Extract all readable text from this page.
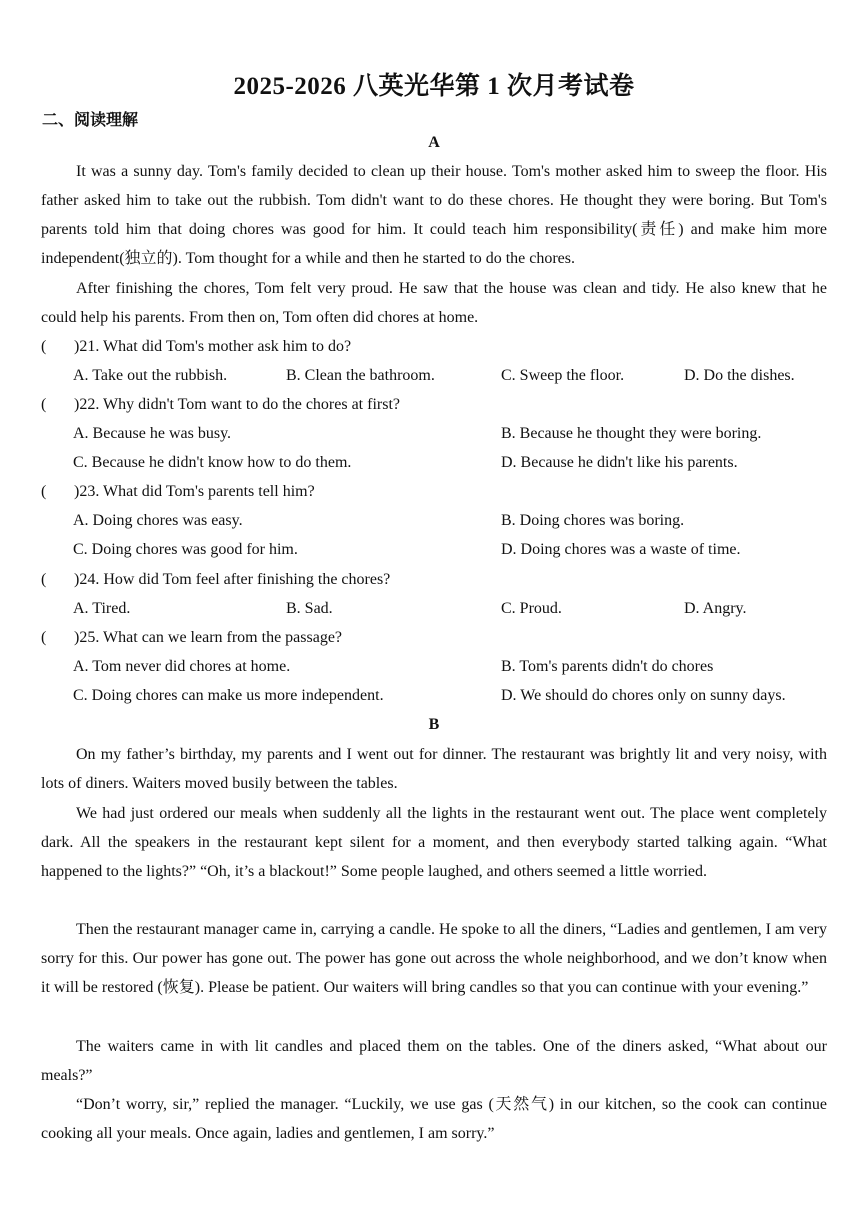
2025-2026 八英光华第 1 次月考试卷
二、阅读理解
A

It was a sunny day. Tom's family decided to clean up their house. Tom's mother asked him to sweep the floor. His father asked him to take out the rubbish. Tom didn't want to do these chores. He thought they were boring. But Tom's parents told him that doing chores was good for him. It could teach him responsibility(责任) and make him more independent(独立的). Tom thought for a while and then he started to do the chores.

After finishing the chores, Tom felt very proud. He saw that the house was clean and tidy. He also knew that he could help his parents. From then on, Tom often did chores at home.

( )21. What did Tom's mother ask him to do?
A. Take out the rubbish.	B. Clean the bathroom.	C. Sweep the floor.	D. Do the dishes.
( )22. Why didn't Tom want to do the chores at first?
A. Because he was busy.	B. Because he thought they were boring.
C. Because he didn't know how to do them.	D. Because he didn't like his parents.
( )23. What did Tom's parents tell him?
A. Doing chores was easy.	B. Doing chores was boring.
C. Doing chores was good for him.	D. Doing chores was a waste of time.
( )24. How did Tom feel after finishing the chores?
A. Tired.	B. Sad.	C. Proud.	D. Angry.
( )25. What can we learn from the passage?
A. Tom never did chores at home.	B. Tom's parents didn't do chores
C. Doing chores can make us more independent.	D. We should do chores only on sunny days.
B

On my father’s birthday, my parents and I went out for dinner. The restaurant was brightly lit and very noisy, with lots of diners. Waiters moved busily between the tables.

We had just ordered our meals when suddenly all the lights in the restaurant went out. The place went completely dark. All the speakers in the restaurant kept silent for a moment, and then everybody started talking again. “What happened to the lights?” “Oh, it’s a blackout!” Some people laughed, and others seemed a little worried.

Then the restaurant manager came in, carrying a candle. He spoke to all the diners, “Ladies and gentlemen, I am very sorry for this. Our power has gone out. The power has gone out across the whole neighborhood, and we don’t know when it will be restored (恢复). Please be patient. Our waiters will bring candles so that you can continue with your evening.”

The waiters came in with lit candles and placed them on the tables. One of the diners asked, “What about our meals?”

“Don’t worry, sir,” replied the manager. “Luckily, we use gas (天然气) in our kitchen, so the cook can continue cooking all your meals. Once again, ladies and gentlemen, I am sorry.”
